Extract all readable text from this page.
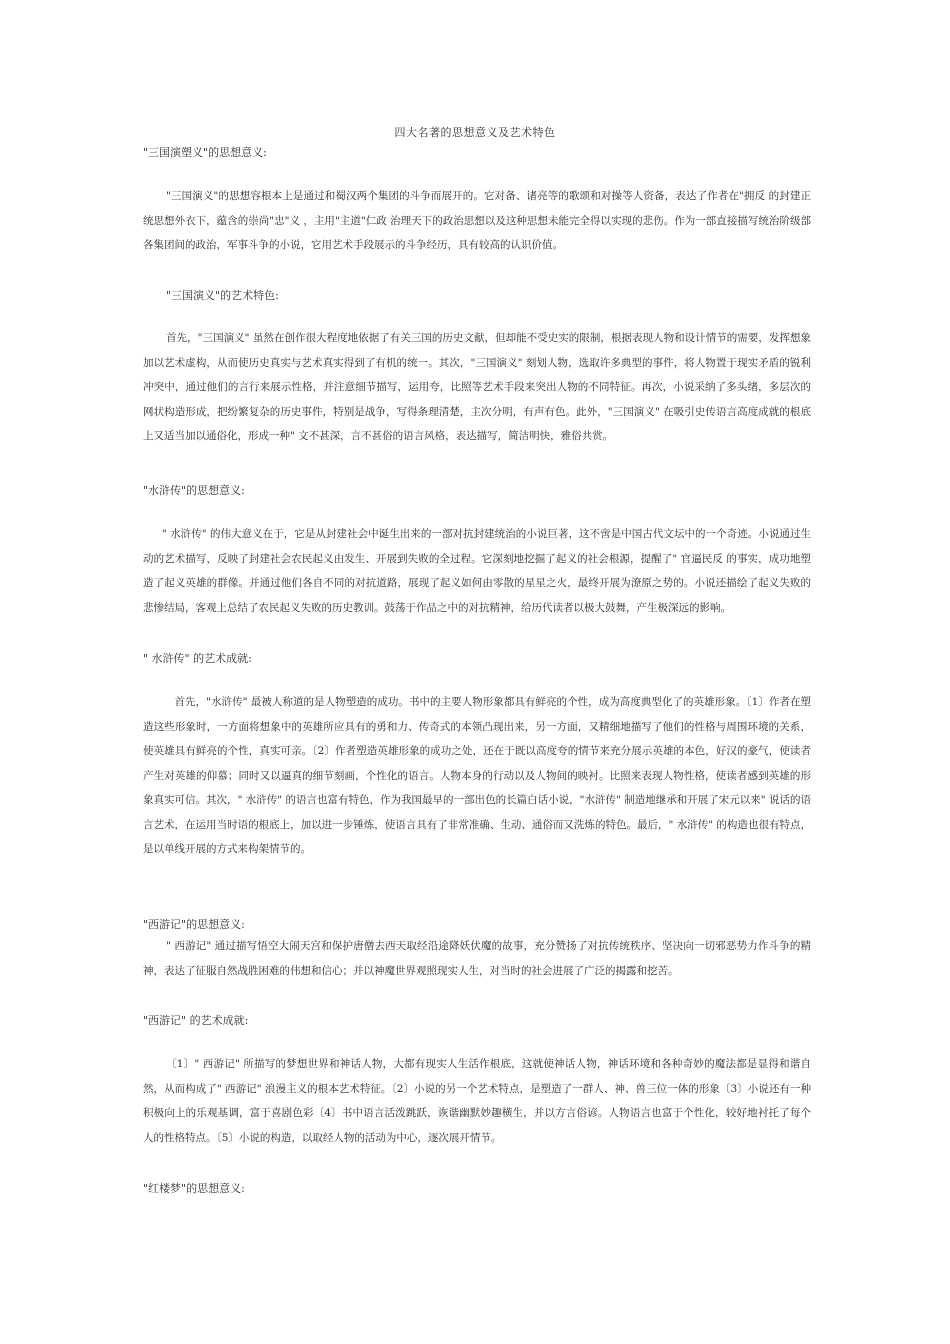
四大名著的思想意义及艺术特色
"三国演塑义"的思想意义:
"三国演义"的思想容根本上是通过和蜀汉两个集团的斗争而展开的。它对备、诸亮等的歌颂和对操等人资备，表达了作者在"拥反 的封建正统思想外衣下，蕴含的崇尚"忠"义 ，主用"主道"仁政 治理天下的政治思想以及这种思想未能完全得以实现的悲伤。作为一部直接描写统治阶级部各集团间的政治，军事斗争的小说，它用艺术手段展示的斗争经历，具有较高的认识价值。
"三国演义"的艺术特色:
首先，"三国演义" 虽然在创作很大程度地依据了有关三国的历史文献，但却能不受史实的限制，根据表现人物和设计情节的需要，发挥想象加以艺术虚构，从而使历史真实与艺术真实得到了有机的统一。其次，"三国演义" 刻划人物，选取许多典型的事件，将人物置于现实矛盾的锐利冲突中，通过他们的言行来展示性格，并注意细节描写，运用夸，比照等艺术手段来突出人物的不同特征。再次，小说采纳了多头绪，多层次的网状构造形成，把纷繁复杂的历史事件，特别是战争，写得条理清楚，主次分明，有声有色。此外，"三国演义" 在吸引史传语言高度成就的根底上又适当加以通俗化，形成一种" 文不甚深，言不甚俗的语言风格，表达描写，简洁明快，雅俗共赏。
"水浒传"的思想意义:
" 水浒传" 的伟大意义在于，它是从封建社会中诞生出来的一部对抗封建统治的小说巨著，这不啻是中国古代文坛中的一个奇迹。小说通过生动的艺术描写，反映了封建社会农民起义由发生、开展到失败的全过程。它深刻地挖掘了起义的社会根源，提醒了" 官逼民反 的事实，成功地塑造了起义英雄的群像。并通过他们各自不同的对抗道路，展现了起义如何由零散的星星之火，最终开展为潦原之势的。小说还描绘了起义失败的悲惨结局，客观上总结了农民起义失败的历史教训。鼓荡于作品之中的对抗精神，给历代读者以极大鼓舞，产生极深远的影响。
" 水浒传" 的艺术成就:
首先，"水浒传" 最被人称道的是人物塑造的成功。书中的主要人物形象都具有鲜亮的个性，成为高度典型化了的英雄形象。〔1〕作者在塑造这些形象时，一方面将想象中的英雄所应具有的勇和力、传奇式的本领凸现出来，另一方面，又精细地描写了他们的性格与周围环境的关系，使英雄具有鲜亮的个性，真实可亲。〔2〕作者塑造英雄形象的成功之处，还在于既以高度夸的情节来充分展示英雄的本色，好汉的豪气，使读者产生对英雄的仰慕；同时又以逼真的细节刻画，个性化的语言。人物本身的行动以及人物间的映衬。比照来表现人物性格，使读者感到英雄的形象真实可信。其次，" 水浒传" 的语言也富有特色，作为我国最早的一部出色的长篇白话小说，"水浒传" 制造地继承和开展了宋元以来" 说话的语言艺术，在运用当时语的根底上，加以进一步锤炼，使语言具有了非常准确、生动、通俗而又洗炼的特色。最后，" 水浒传" 的构造也很有特点，是以单线开展的方式来构架情节的。
"西游记"的思想意义:
" 西游记" 通过描写悟空大闹天宫和保护唐僧去西天取经沿途降妖伏魔的故事，充分赞扬了对抗传统秩序、坚决向一切邪恶势力作斗争的精神，表达了征服自然战胜困难的伟想和信心；并以神魔世界观照现实人生，对当时的社会进展了广泛的揭露和挖苦。
"西游记" 的艺术成就:
〔1〕" 西游记" 所描写的梦想世界和神话人物，大都有现实人生活作根底，这就使神话人物，神话环境和各种奇妙的魔法都是显得和谐自然，从而构成了" 西游记" 浪漫主义的根本艺术特征。〔2〕小说的另一个艺术特点，是塑造了一群人、神、兽三位一体的形象〔3〕小说还有一种积极向上的乐观基调，富于喜剧色彩〔4〕书中语言活泼跳跃，诙谐幽默妙趣横生，并以方言俗谚。人物语言也富于个性化，较好地衬托了每个人的性格特点。〔5〕小说的构造，以取经人物的活动为中心，逐次展开情节。
"红楼梦"的思想意义:
